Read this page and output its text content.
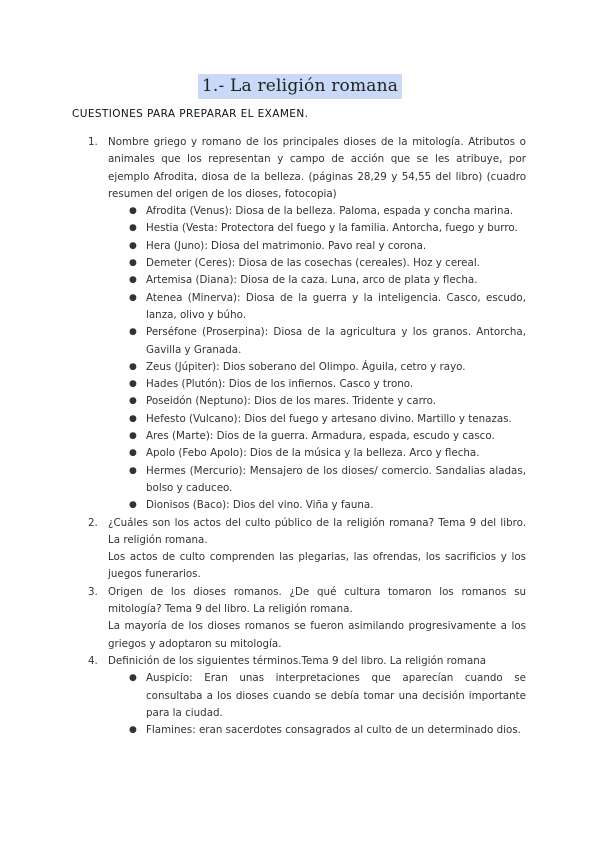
1.- La religión romana
CUESTIONES PARA PREPARAR EL EXAMEN.
1. Nombre griego y romano de los principales dioses de la mitología. Atributos o animales que los representan y campo de acción que se les atribuye, por ejemplo Afrodita, diosa de la belleza. (páginas 28,29 y 54,55 del libro) (cuadro resumen del origen de los dioses, fotocopia)
● Afrodita (Venus): Diosa de la belleza. Paloma, espada y concha marina.
● Hestia (Vesta: Protectora del fuego y la familia. Antorcha, fuego y burro.
● Hera (Juno): Diosa del matrimonio. Pavo real y corona.
● Demeter (Ceres): Diosa de las cosechas (cereales). Hoz y cereal.
● Artemisa (Diana): Diosa de la caza. Luna, arco de plata y flecha.
● Atenea (Minerva): Diosa de la guerra y la inteligencia. Casco, escudo, lanza, olivo y búho.
● Perséfone (Proserpina): Diosa de la agricultura y los granos. Antorcha, Gavilla y Granada.
● Zeus (Júpiter): Dios soberano del Olimpo. Águila, cetro y rayo.
● Hades (Plutón): Dios de los infiernos. Casco y trono.
● Poseidón (Neptuno): Dios de los mares. Tridente y carro.
● Hefesto (Vulcano): Dios del fuego y artesano divino. Martillo y tenazas.
● Ares (Marte): Dios de la guerra. Armadura, espada, escudo y casco.
● Apolo (Febo Apolo): Dios de la música y la belleza. Arco y flecha.
● Hermes (Mercurio): Mensajero de los dioses/ comercio. Sandalias aladas, bolso y caduceo.
● Dionisos (Baco): Dios del vino. Viña y fauna.
2. ¿Cuáles son los actos del culto público de la religión romana? Tema 9 del libro. La religión romana.
Los actos de culto comprenden las plegarias, las ofrendas, los sacrificios y los juegos funerarios.
3. Origen de los dioses romanos. ¿De qué cultura tomaron los romanos su mitología? Tema 9 del libro. La religión romana.
La mayoría de los dioses romanos se fueron asimilando progresivamente a los griegos y adoptaron su mitología.
4. Definición de los siguientes términos.Tema 9 del libro. La religión romana
● Auspicio: Eran unas interpretaciones que aparecían cuando se consultaba a los dioses cuando se debía tomar una decisión importante para la ciudad.
● Flamines: eran sacerdotes consagrados al culto de un determinado dios.
